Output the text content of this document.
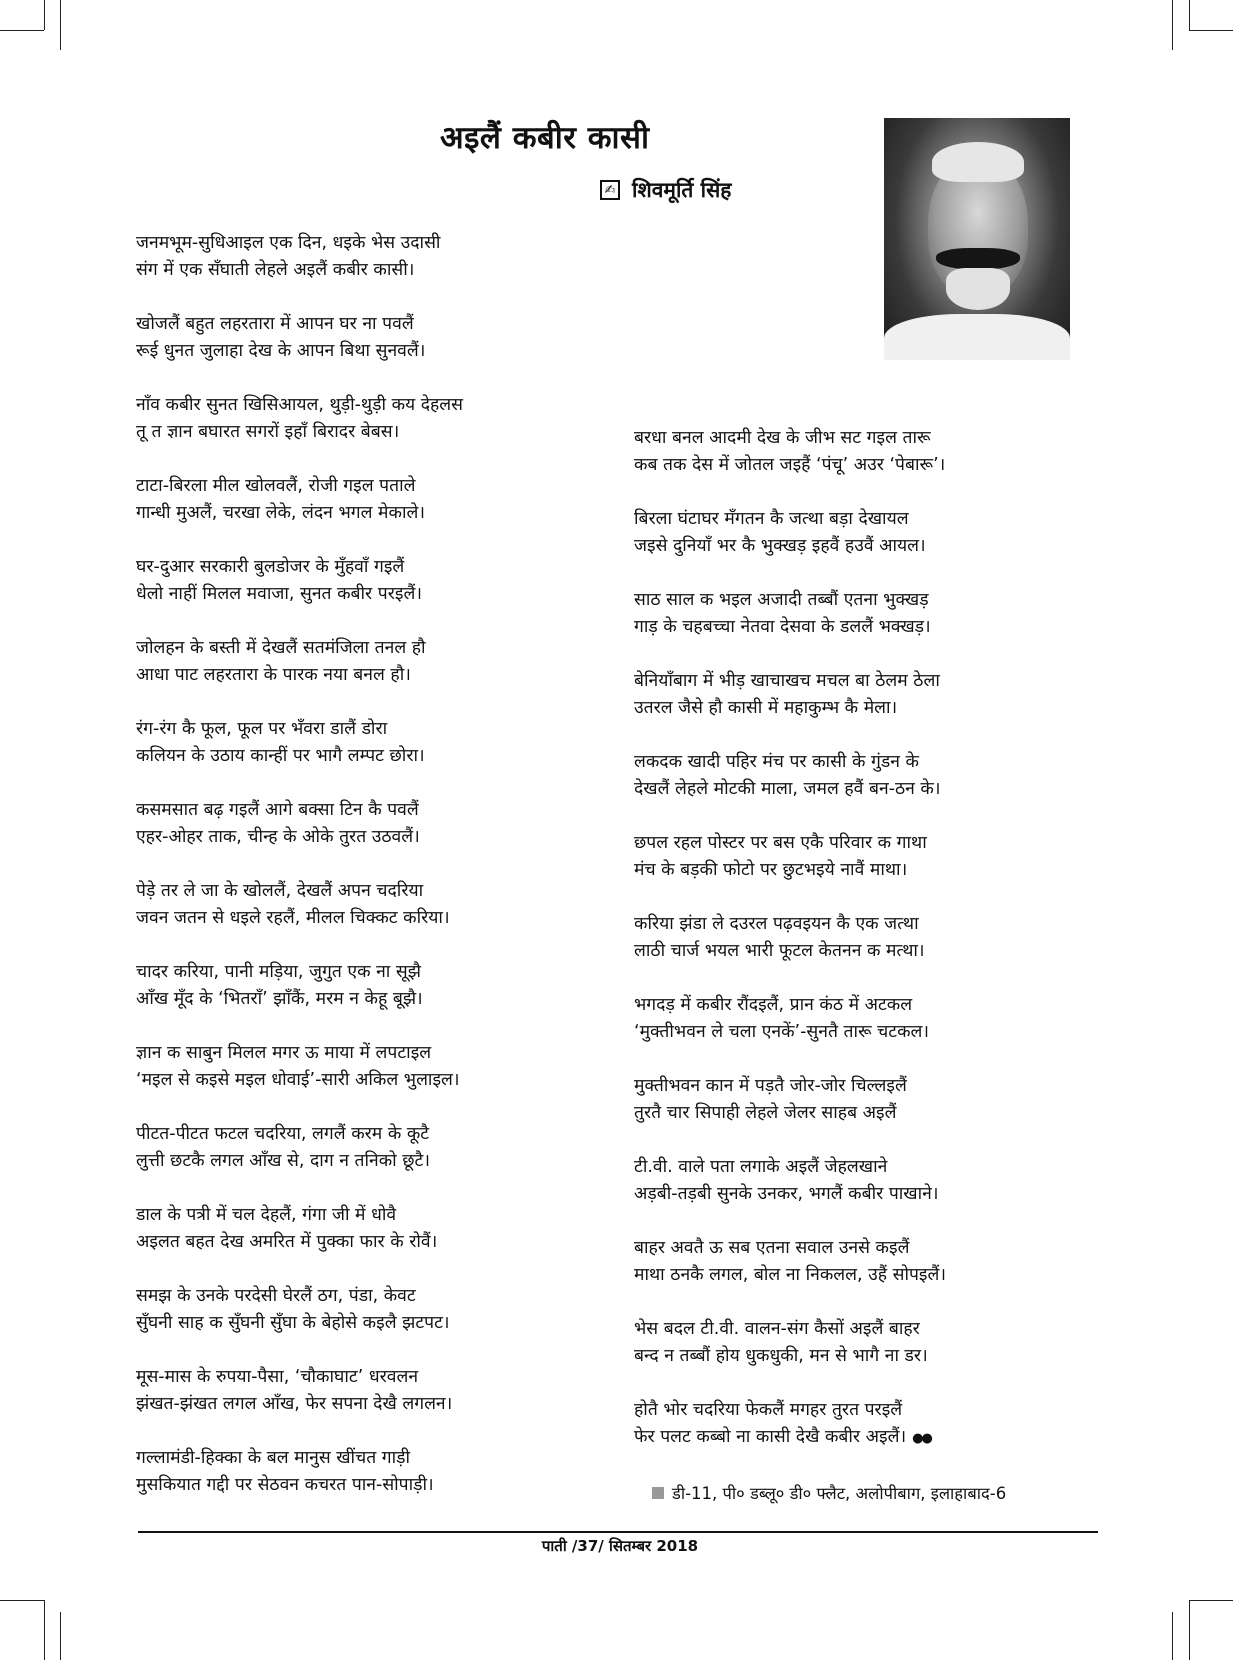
अइलैं कबीर कासी
✍ शिवमूर्ति सिंह
जनमभूम-सुधिआइल एक दिन, धइके भेस उदासी
संग में एक सँघाती लेहले अइलैं कबीर कासी।
खोजलैं बहुत लहरतारा में आपन घर ना पवलैं
रूई धुनत जुलाहा देख के आपन बिथा सुनवलैं।
नाँव कबीर सुनत खिसिआयल, थुड़ी-थुड़ी कय देहलस
तू त ज्ञान बघारत सगरों इहाँ बिरादर बेबस।
टाटा-बिरला मील खोलवलैं, रोजी गइल पताले
गान्धी मुअलैं, चरखा लेके, लंदन भगल मेकाले।
घर-दुआर सरकारी बुलडोजर के मुँहवाँ गइलैं
धेलो नाहीं मिलल मवाजा, सुनत कबीर परइलैं।
जोलहन के बस्ती में देखलैं सतमंजिला तनल हौ
आधा पाट लहरतारा के पारक नया बनल हौ।
रंग-रंग कै फूल, फूल पर भँवरा डालैं डोरा
कलियन के उठाय कान्हीं पर भागै लम्पट छोरा।
कसमसात बढ़ गइलैं आगे बक्सा टिन कै पवलैं
एहर-ओहर ताक, चीन्ह के ओके तुरत उठवलैं।
पेड़े तर ले जा के खोललैं, देखलैं अपन चदरिया
जवन जतन से धइले रहलैं, मीलल चिक्कट करिया।
चादर करिया, पानी मड़िया, जुगुत एक ना सूझै
आँख मूँद के ‘भितराँ’ झाँकैं, मरम न केहू बूझै।
ज्ञान क साबुन मिलल मगर ऊ माया में लपटाइल
‘मइल से कइसे मइल धोवाई’-सारी अकिल भुलाइल।
पीटत-पीटत फटल चदरिया, लगलैं करम के कूटै
लुत्ती छटकै लगल आँख से, दाग न तनिको छूटै।
डाल के पत्री में चल देहलैं, गंगा जी में धोवै
अइलत बहत देख अमरित में पुक्का फार के रोवैं।
समझ के उनके परदेसी घेरलैं ठग, पंडा, केवट
सुँघनी साह क सुँघनी सुँघा के बेहोसे कइलै झटपट।
मूस-मास के रुपया-पैसा, ‘चौकाघाट’ धरवलन
झंखत-झंखत लगल आँख, फेर सपना देखै लगलन।
गल्लामंडी-हिक्का के बल मानुस खींचत गाड़ी
मुसकियात गद्दी पर सेठवन कचरत पान-सोपाड़ी।
बरधा बनल आदमी देख के जीभ सट गइल तारू
कब तक देस में जोतल जइहैं ‘पंचू’ अउर ‘पेबारू’।
बिरला घंटाघर मँगतन कै जत्था बड़ा देखायल
जइसे दुनियाँ भर कै भुक्खड़ इहवैं हउवैं आयल।
साठ साल क भइल अजादी तब्बौं एतना भुक्खड़
गाड़ के चहबच्चा नेतवा देसवा के डललैं भक्खड़।
बेनियाँबाग में भीड़ खाचाखच मचल बा ठेलम ठेला
उतरल जैसे हौ कासी में महाकुम्भ कै मेला।
लकदक खादी पहिर मंच पर कासी के गुंडन के
देखलैं लेहले मोटकी माला, जमल हवैं बन-ठन के।
छपल रहल पोस्टर पर बस एकै परिवार क गाथा
मंच के बड़की फोटो पर छुटभइये नावैं माथा।
करिया झंडा ले दउरल पढ़वइयन कै एक जत्था
लाठी चार्ज भयल भारी फूटल केतनन क मत्था।
भगदड़ में कबीर रौंदइलैं, प्रान कंठ में अटकल
‘मुक्तीभवन ले चला एनकें’-सुनतै तारू चटकल।
मुक्तीभवन कान में पड़तै जोर-जोर चिल्लइलैं
तुरतै चार सिपाही लेहले जेलर साहब अइलैं
टी.वी. वाले पता लगाके अइलैं जेहलखाने
अड़बी-तड़बी सुनके उनकर, भगलैं कबीर पाखाने।
बाहर अवतै ऊ सब एतना सवाल उनसे कइलैं
माथा ठनकै लगल, बोल ना निकलल, उहैं सोपइलैं।
भेस बदल टी.वी. वालन-संग कैसों अइलैं बाहर
बन्द न तब्बौं होय धुकधुकी, मन से भागै ना डर।
होतै भोर चदरिया फेकलैं मगहर तुरत परइलैं
फेर पलट कब्बो ना कासी देखै कबीर अइलैं। ●●
डी-11, पी० डब्लू० डी० फ्लैट, अलोपीबाग, इलाहाबाद-6
पाती /37/ सितम्बर 2018
